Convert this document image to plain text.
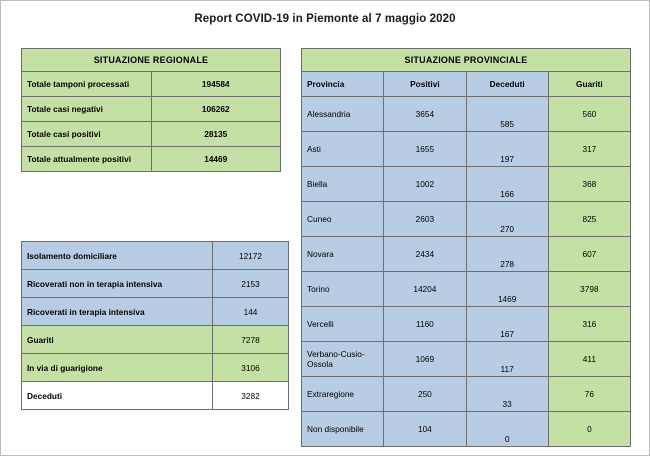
Report COVID-19 in Piemonte al 7 maggio 2020
SITUAZIONE REGIONALE	
Totale tamponi processati	194584
Totale casi negativi	106262
Totale casi positivi	28135
Totale attualmente positivi	14469
Isolamento domiciliare	12172
Ricoverati non in terapia intensiva	2153
Ricoverati in terapia intensiva	144
Guariti	7278
In via di guarigione	3106
Deceduti	3282
SITUAZIONE PROVINCIALE			
Provincia	Positivi	Deceduti	Guariti
Alessandria	3654	585	560
Asti	1655	197	317
Biella	1002	166	368
Cuneo	2603	270	825
Novara	2434	278	607
Torino	14204	1469	3798
Vercelli	1160	167	316
Verbano-Cusio-Ossola	1069	117	411
Extraregione	250	33	76
Non disponibile	104	0	0
